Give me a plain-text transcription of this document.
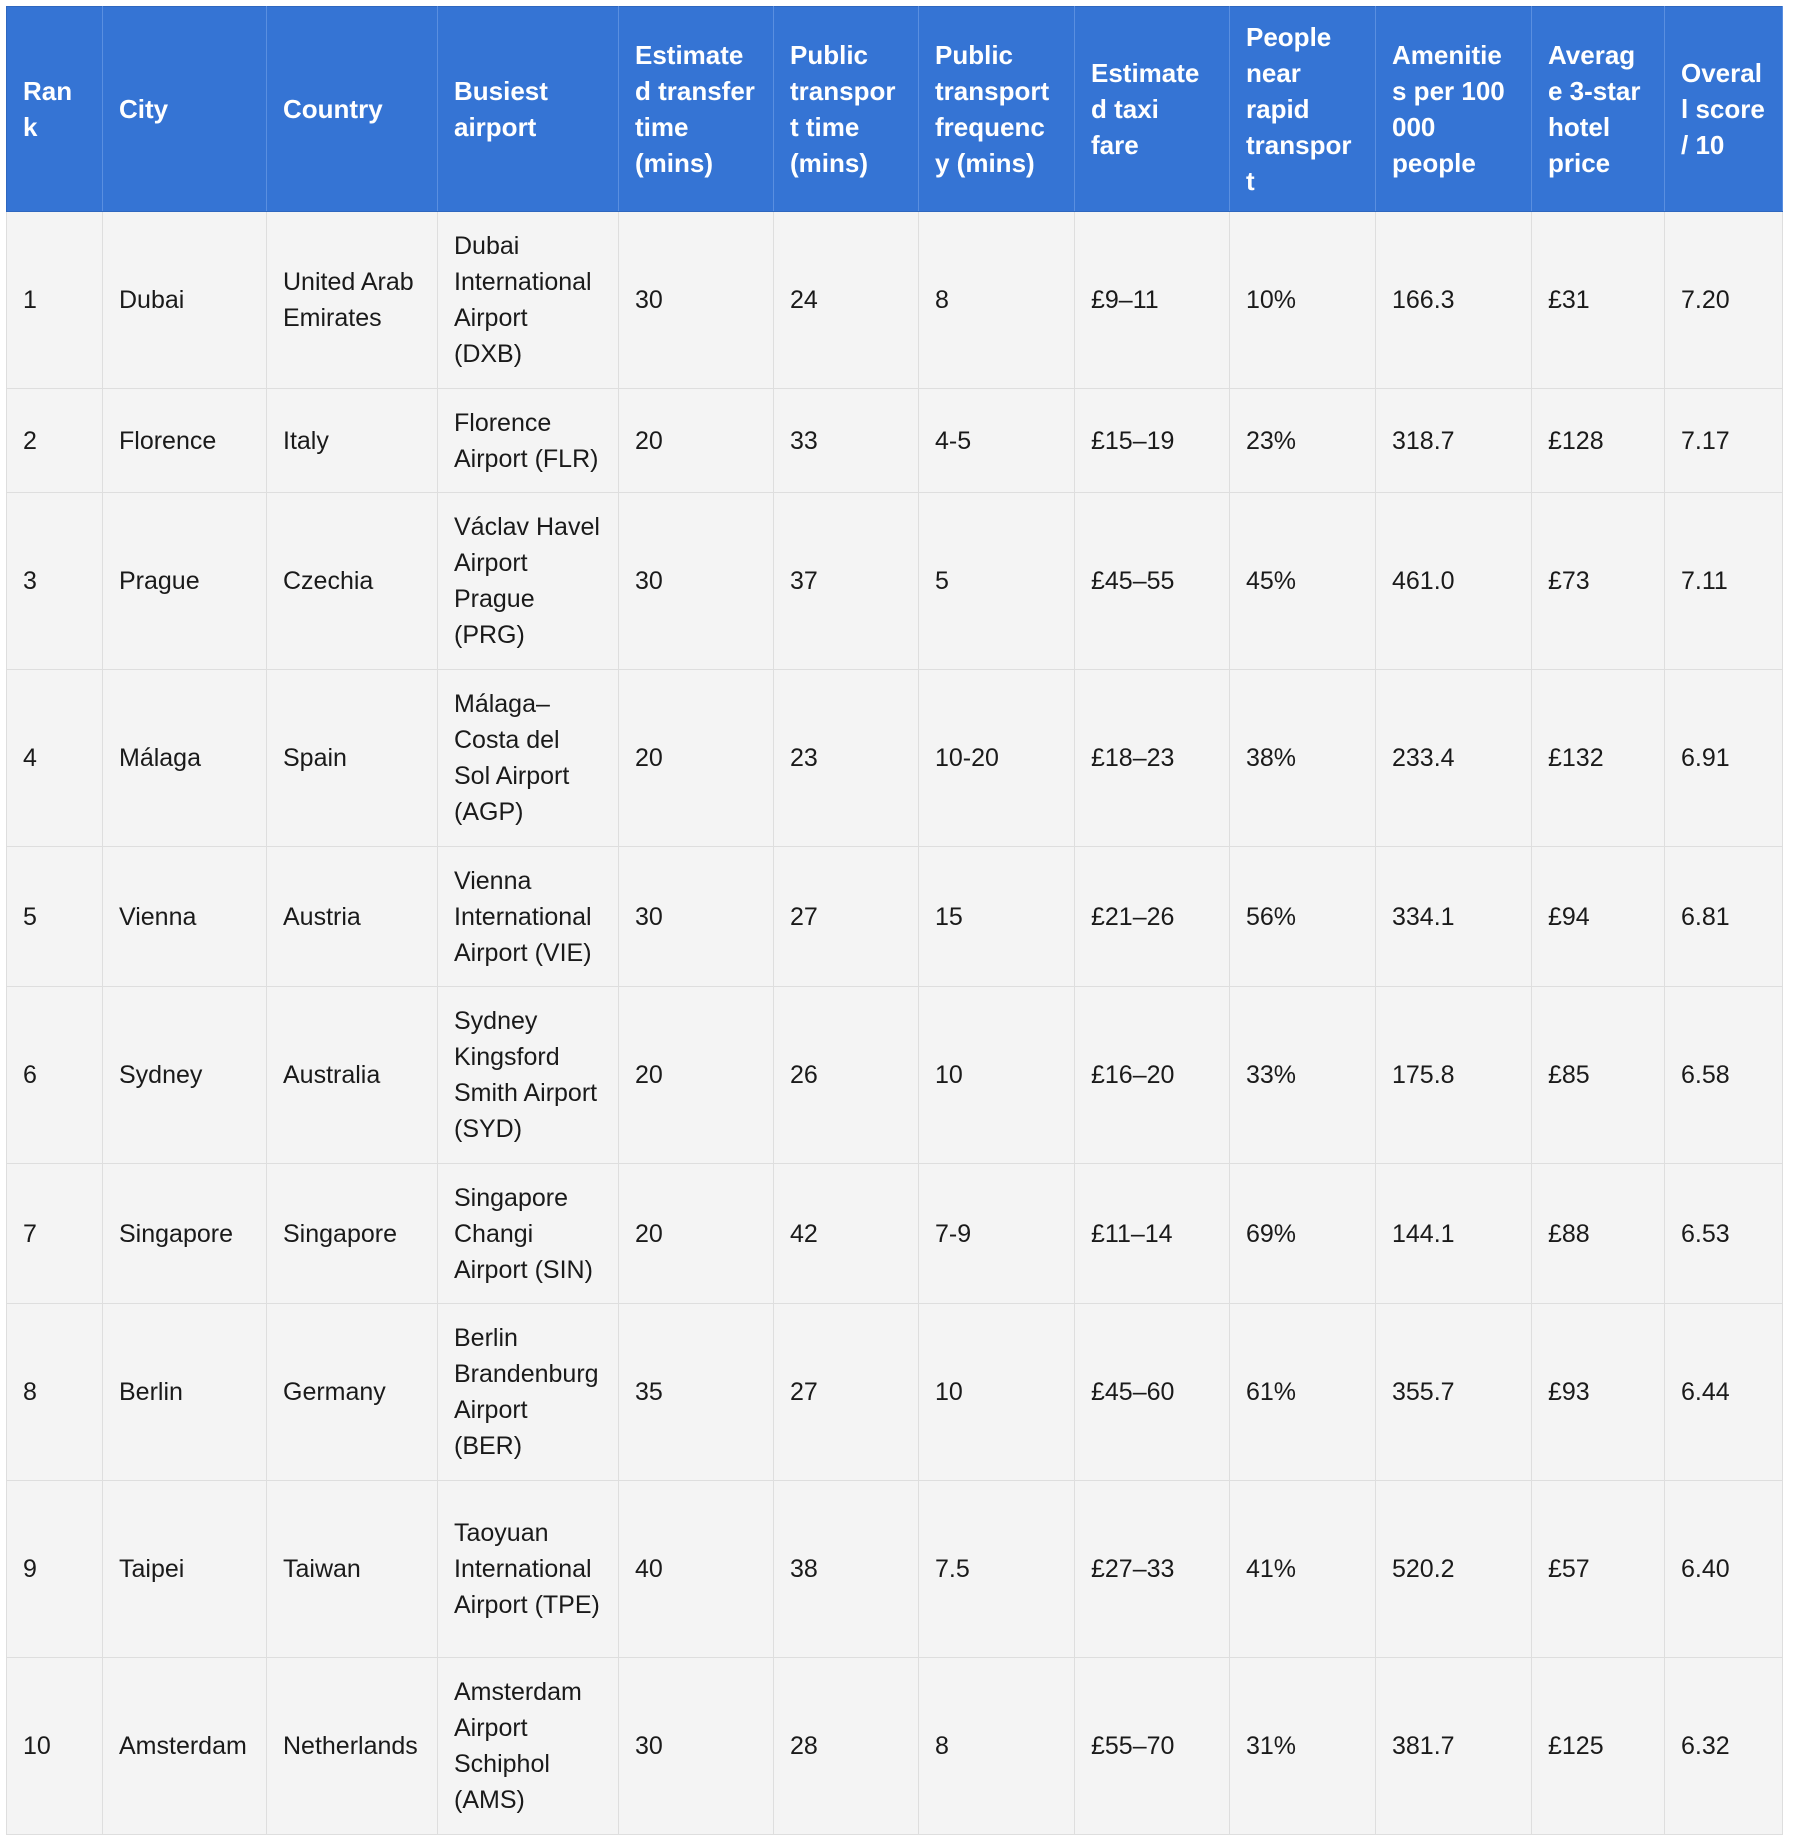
Rank	City	Country	Busiest airport	Estimated transfer time (mins)	Public transport time (mins)	Public transport frequency (mins)	Estimated taxi fare	People near rapid transport	Amenities per 100 000 people	Average 3-star hotel price	Overall score / 10
1	Dubai	United Arab Emirates	Dubai International Airport (DXB)	30	24	8	£9–11	10%	166.3	£31	7.20
2	Florence	Italy	Florence Airport (FLR)	20	33	4-5	£15–19	23%	318.7	£128	7.17
3	Prague	Czechia	Václav Havel Airport Prague (PRG)	30	37	5	£45–55	45%	461.0	£73	7.11
4	Málaga	Spain	Málaga–Costa del Sol Airport (AGP)	20	23	10-20	£18–23	38%	233.4	£132	6.91
5	Vienna	Austria	Vienna International Airport (VIE)	30	27	15	£21–26	56%	334.1	£94	6.81
6	Sydney	Australia	Sydney Kingsford Smith Airport (SYD)	20	26	10	£16–20	33%	175.8	£85	6.58
7	Singapore	Singapore	Singapore Changi Airport (SIN)	20	42	7-9	£11–14	69%	144.1	£88	6.53
8	Berlin	Germany	Berlin Brandenburg Airport (BER)	35	27	10	£45–60	61%	355.7	£93	6.44
9	Taipei	Taiwan	Taoyuan International Airport (TPE)	40	38	7.5	£27–33	41%	520.2	£57	6.40
10	Amsterdam	Netherlands	Amsterdam Airport Schiphol (AMS)	30	28	8	£55–70	31%	381.7	£125	6.32
